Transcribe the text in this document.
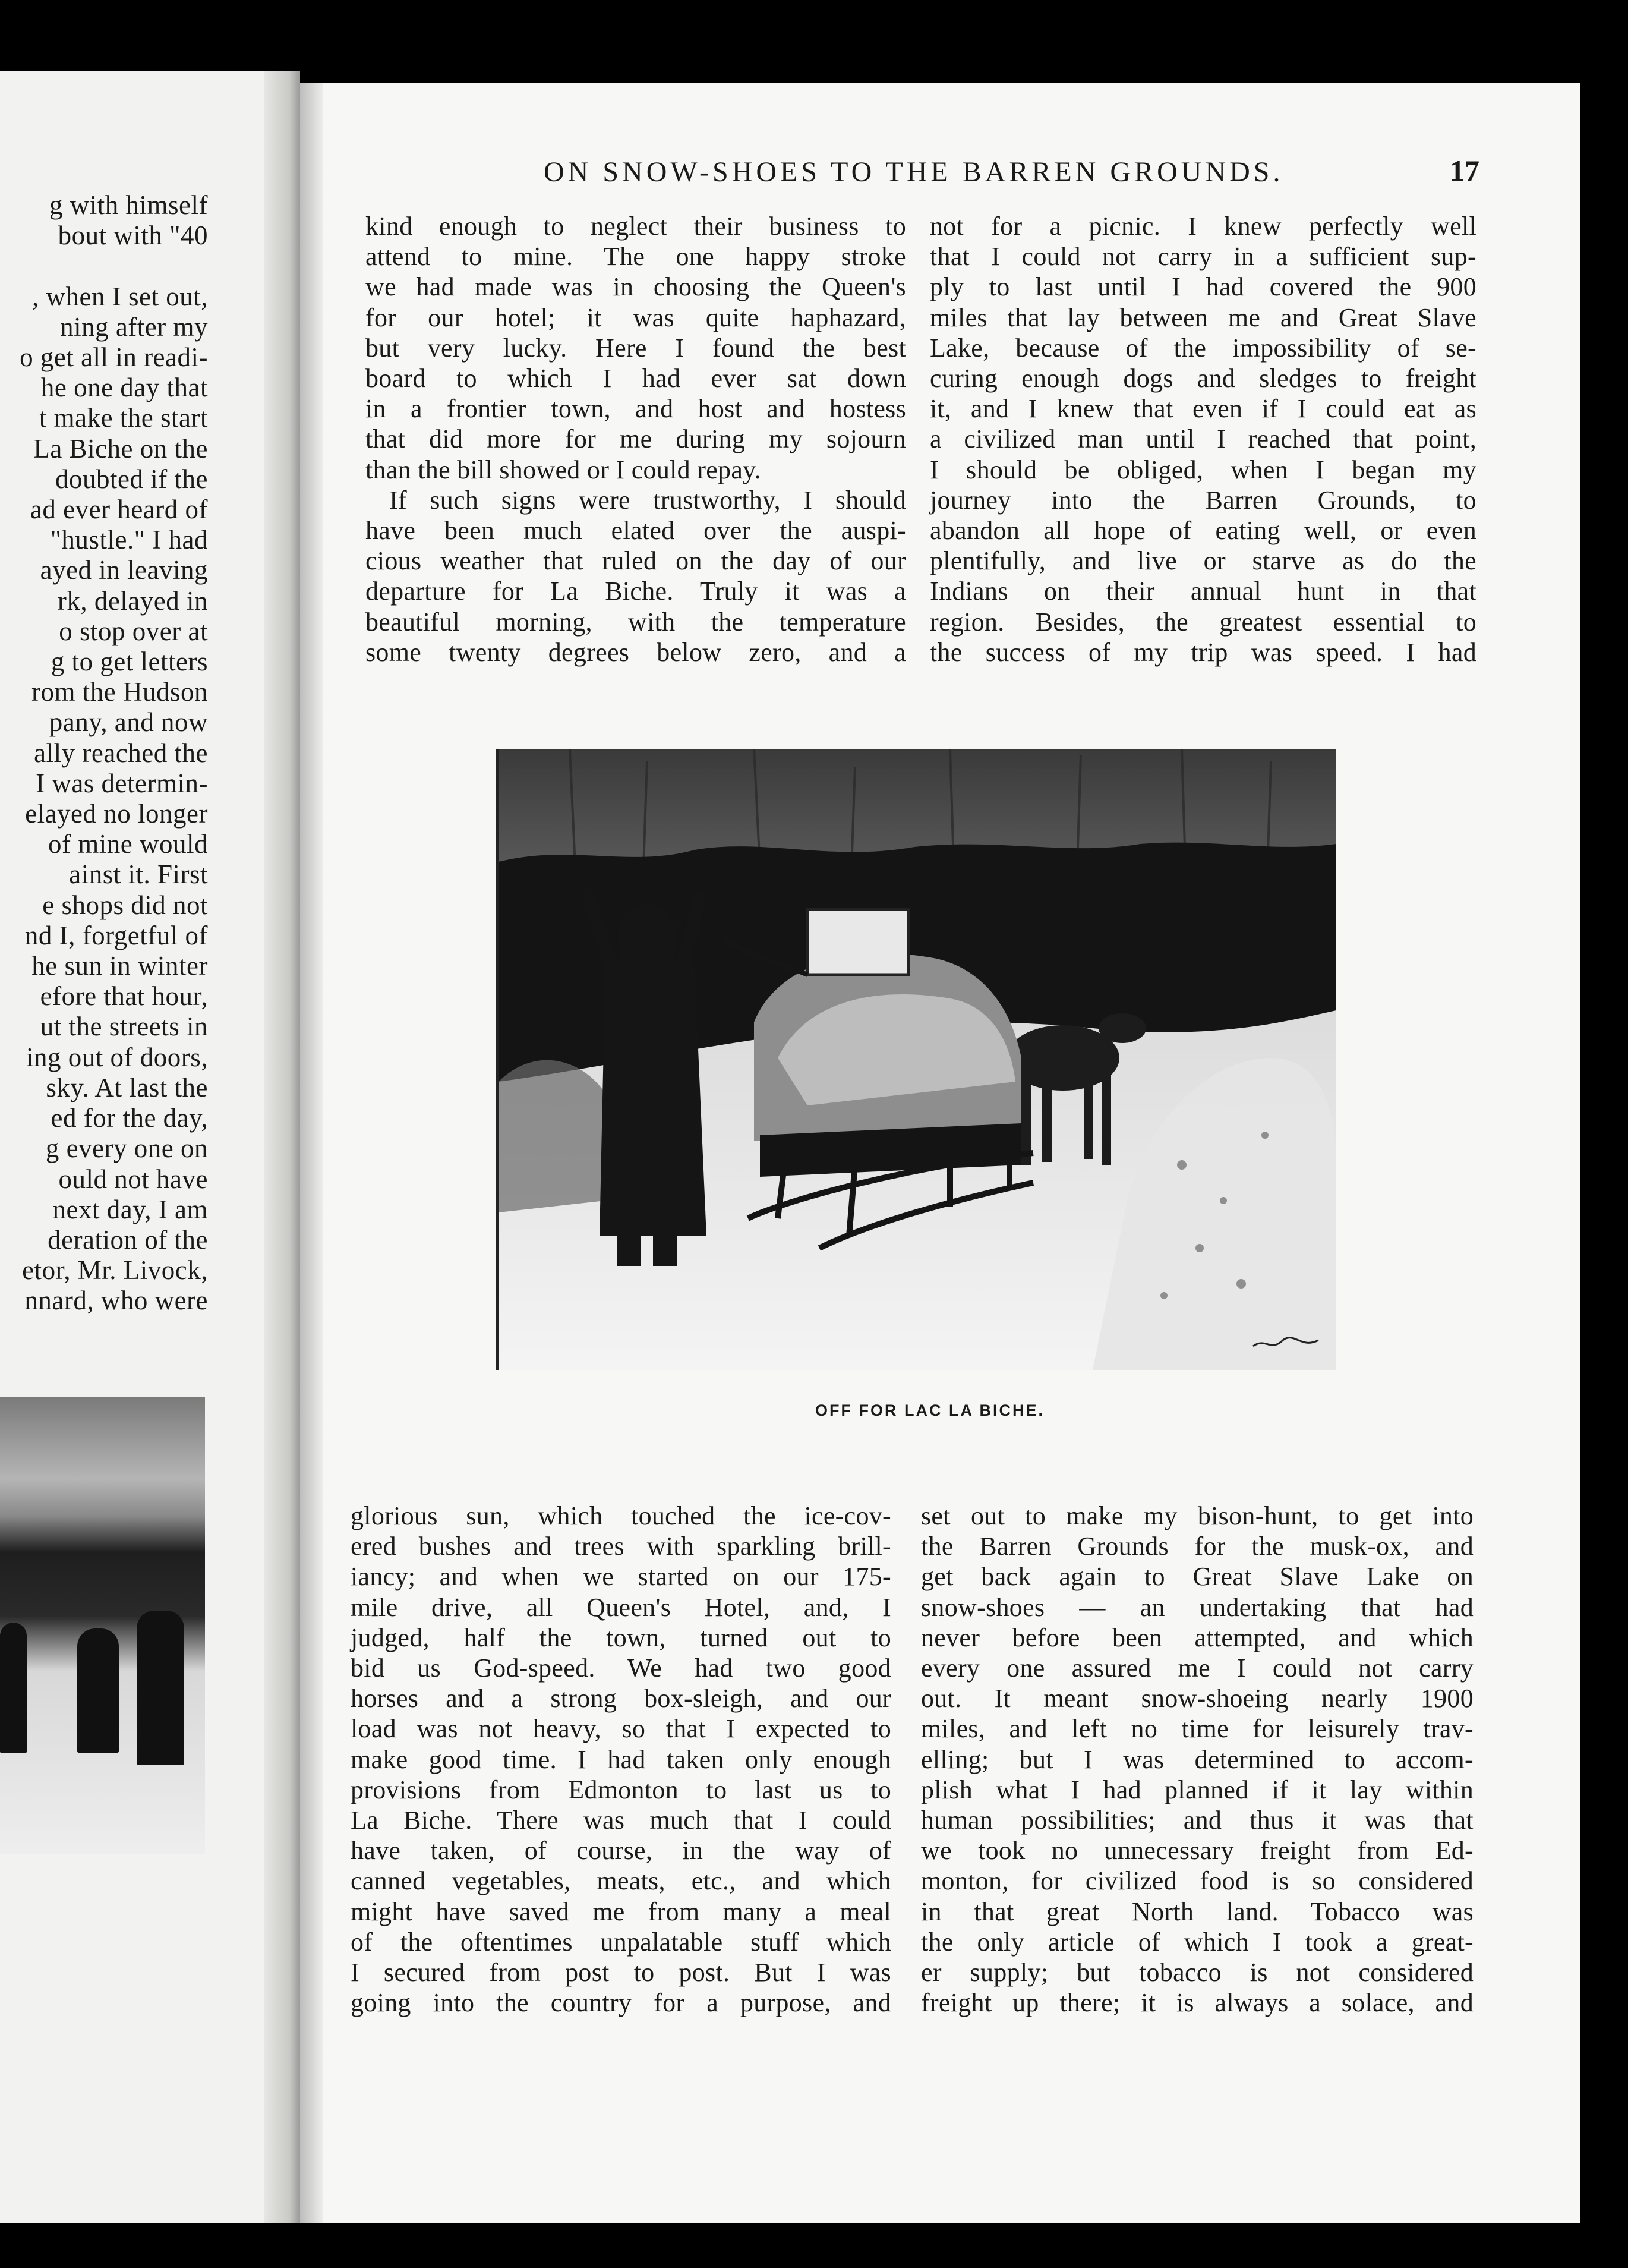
g with himself
bout with "40

, when I set out,
ning after my
o get all in readi-
he one day that
t make the start
La Biche on the
doubted if the
ad ever heard of
"hustle." I had
ayed in leaving
rk, delayed in
o stop over at
g to get letters
rom the Hudson
pany, and now
ally reached the
I was determin-
elayed no longer
of mine would
ainst it. First
e shops did not
nd I, forgetful of
he sun in winter
efore that hour,
ut the streets in
ing out of doors,
sky. At last the
ed for the day,
g every one on
ould not have
next day, I am
deration of the
etor, Mr. Livock,
nnard, who were
ON SNOW-SHOES TO THE BARREN GROUNDS.	17
kind enough to neglect their business to
attend to mine. The one happy stroke
we had made was in choosing the Queen's
for our hotel; it was quite haphazard,
but very lucky. Here I found the best
board to which I had ever sat down
in a frontier town, and host and hostess
that did more for me during my sojourn
than the bill showed or I could repay.
If such signs were trustworthy, I should
have been much elated over the auspi-
cious weather that ruled on the day of our
departure for La Biche. Truly it was a
beautiful morning, with the temperature
some twenty degrees below zero, and a
not for a picnic. I knew perfectly well
that I could not carry in a sufficient sup-
ply to last until I had covered the 900
miles that lay between me and Great Slave
Lake, because of the impossibility of se-
curing enough dogs and sledges to freight
it, and I knew that even if I could eat as
a civilized man until I reached that point,
I should be obliged, when I began my
journey into the Barren Grounds, to
abandon all hope of eating well, or even
plentifully, and live or starve as do the
Indians on their annual hunt in that
region. Besides, the greatest essential to
the success of my trip was speed. I had
OFF FOR LAC LA BICHE.
glorious sun, which touched the ice-cov-
ered bushes and trees with sparkling brill-
iancy; and when we started on our 175-
mile drive, all Queen's Hotel, and, I
judged, half the town, turned out to
bid us God-speed. We had two good
horses and a strong box-sleigh, and our
load was not heavy, so that I expected to
make good time. I had taken only enough
provisions from Edmonton to last us to
La Biche. There was much that I could
have taken, of course, in the way of
canned vegetables, meats, etc., and which
might have saved me from many a meal
of the oftentimes unpalatable stuff which
I secured from post to post. But I was
going into the country for a purpose, and
set out to make my bison-hunt, to get into
the Barren Grounds for the musk-ox, and
get back again to Great Slave Lake on
snow-shoes — an undertaking that had
never before been attempted, and which
every one assured me I could not carry
out. It meant snow-shoeing nearly 1900
miles, and left no time for leisurely trav-
elling; but I was determined to accom-
plish what I had planned if it lay within
human possibilities; and thus it was that
we took no unnecessary freight from Ed-
monton, for civilized food is so considered
in that great North land. Tobacco was
the only article of which I took a great-
er supply; but tobacco is not considered
freight up there; it is always a solace, and
